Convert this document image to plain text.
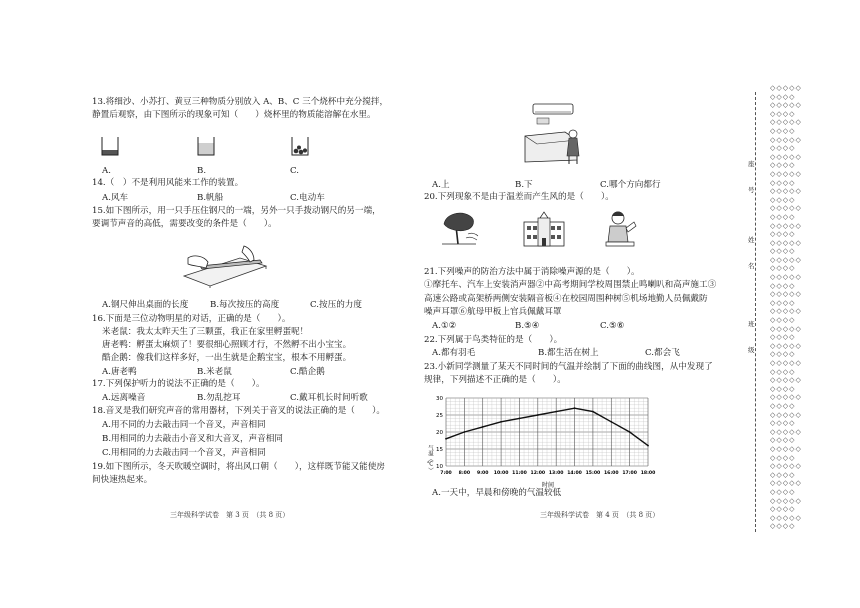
13.将细沙、小苏打、黄豆三种物质分别放入 A、B、C 三个烧杯中充分搅拌，
静置后观察，由下图所示的现象可知（　　）烧杯里的物质能溶解在水里。
A.	B.	C.
14.（　）不是利用风能来工作的装置。
A.风车	B.帆船	C.电动车
15.如下图所示，用一只手压住钢尺的一端，另外一只手拨动钢尺的另一端，
要调节声音的高低，需要改变的条件是（　　）。
A.钢尺伸出桌面的长度	B.每次按压的高度	C.按压的力度
16.下面是三位动物明星的对话，正确的是（　　）。
米老鼠：我太太昨天生了三颗蛋，我正在家里孵蛋呢！
唐老鸭：孵蛋太麻烦了！要很细心照顾才行，不然孵不出小宝宝。
酷企鹅：像我们这样多好，一出生就是企鹅宝宝，根本不用孵蛋。
A.唐老鸭	B.米老鼠	C.酷企鹅
17.下列保护听力的说法不正确的是（　　）。
A.远离噪音	B.勿乱挖耳	C.戴耳机长时间听歌
18.音叉是我们研究声音的常用器材，下列关于音叉的说法正确的是（　　）。
A.用不同的力去敲击同一个音叉，声音相同
B.用相同的力去敲击小音叉和大音叉，声音相同
C.用相同的力去敲击同一个音叉，声音相同
19.如下图所示，冬天吹暖空调时，将出风口朝（　　），这样既节能又能使房
间快速热起来。
三年级科学试卷　第 3 页　（共 8 页）
A.上	B.下	C.哪个方向都行
20.下列现象不是由于温差而产生风的是（　　）。
21.下列噪声的防治方法中属于消除噪声源的是（　　）。
①摩托车、汽车上安装消声器②中高考期间学校周围禁止鸣喇叭和高声施工③
高速公路或高架桥两侧安装隔音板④在校园周围种树⑤机场地勤人员佩戴防
噪声耳罩⑥航母甲板上官兵佩戴耳罩
A.①②	B.⑤④	C.⑤⑥
22.下列属于鸟类特征的是（　　）。
A.都有羽毛	B.都生活在树上	C.都会飞
23.小新同学测量了某天不同时间的气温并绘制了下面的曲线图，从中发现了
规律，下列描述不正确的是（　　）。
30
25
20
15
10
7:00 8:00 9:00 10:00 11:00 12:00 13:00 14:00 15:00 16:00 17:00 18:00
气温（℃）
时间
A.一天中，早晨和傍晚的气温较低
三年级科学试卷　第 4 页　（共 8 页）
座
号
姓
名
班
级
◇◇◇◇◇
◇◇◇◇
◇◇◇◇◇
◇◇◇◇
◇◇◇◇◇
◇◇◇◇
◇◇◇◇◇
◇◇◇◇
◇◇◇◇◇
◇◇◇◇
◇◇◇◇◇
◇◇◇◇
◇◇◇◇◇
◇◇◇◇
◇◇◇◇◇
◇◇◇◇
◇◇◇◇◇
◇◇◇◇
◇◇◇◇◇
◇◇◇◇
◇◇◇◇◇
◇◇◇◇
◇◇◇◇◇
◇◇◇◇
◇◇◇◇◇
◇◇◇◇
◇◇◇◇◇
◇◇◇◇
◇◇◇◇◇
◇◇◇◇
◇◇◇◇◇
◇◇◇◇
◇◇◇◇◇
◇◇◇◇
◇◇◇◇◇
◇◇◇◇
◇◇◇◇◇
◇◇◇◇
◇◇◇◇◇
◇◇◇◇
◇◇◇◇◇
◇◇◇◇
◇◇◇◇◇
◇◇◇◇
◇◇◇◇◇
◇◇◇◇
◇◇◇◇◇
◇◇◇◇
◇◇◇◇◇
◇◇◇◇
◇◇◇◇◇
◇◇◇◇
